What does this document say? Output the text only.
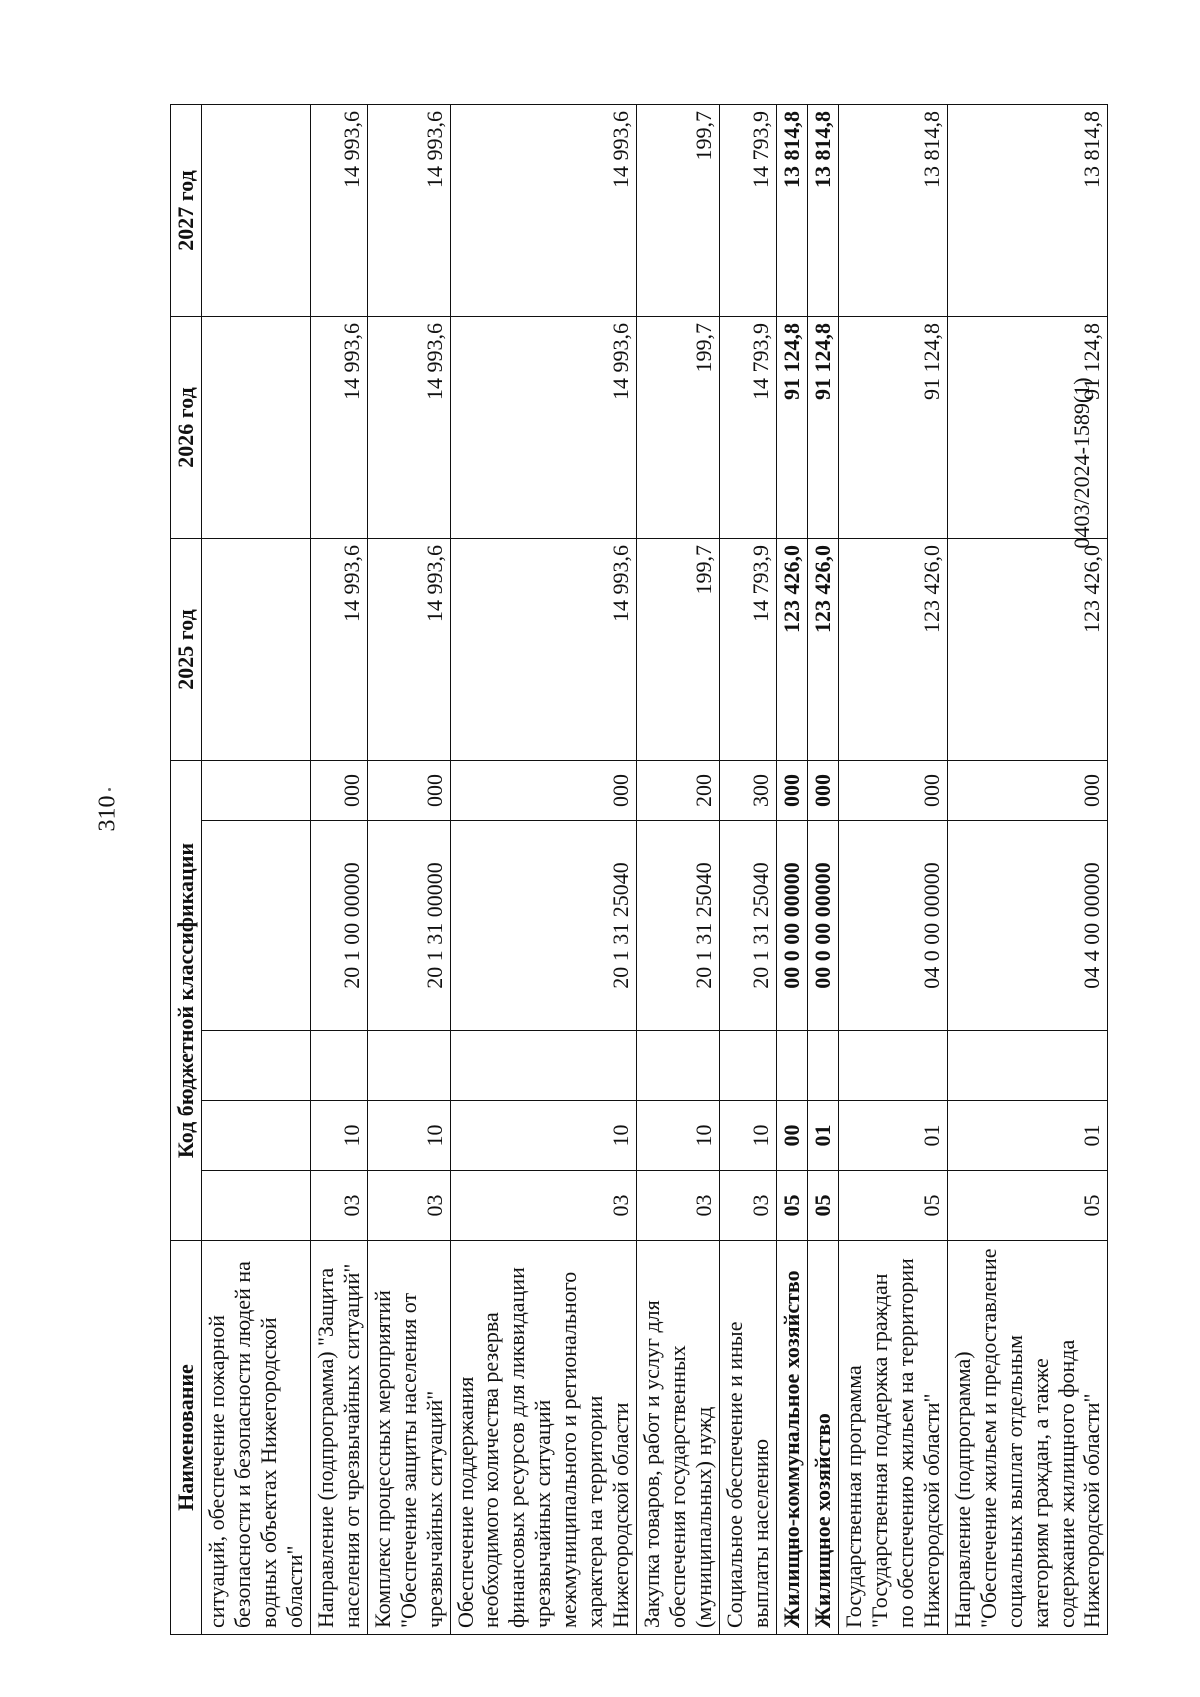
310
0403/2024-1589(1)
Наименование	Код бюджетной классификации					2025 год	2026 год	2027 год
ситуаций, обеспечение пожарной безопасности и безопасности людей на водных объектах Нижегородской области"								
Направление (подпрограмма) "Защита населения от чрезвычайных ситуаций"	03	10		20 1 00 00000	000	14 993,6	14 993,6	14 993,6
Комплекс процессных мероприятий "Обеспечение защиты населения от чрезвычайных ситуаций"	03	10		20 1 31 00000	000	14 993,6	14 993,6	14 993,6
Обеспечение поддержания необходимого количества резерва финансовых ресурсов для ликвидации чрезвычайных ситуаций межмуниципального и регионального характера на территории Нижегородской области	03	10		20 1 31 25040	000	14 993,6	14 993,6	14 993,6
Закупка товаров, работ и услуг для обеспечения государственных (муниципальных) нужд	03	10		20 1 31 25040	200	199,7	199,7	199,7
Социальное обеспечение и иные выплаты населению	03	10		20 1 31 25040	300	14 793,9	14 793,9	14 793,9
Жилищно-коммунальное хозяйство	05	00		00 0 00 00000	000	123 426,0	91 124,8	13 814,8
Жилищное хозяйство	05	01		00 0 00 00000	000	123 426,0	91 124,8	13 814,8
Государственная программа "Государственная поддержка граждан по обеспечению жильем на территории Нижегородской области"	05	01		04 0 00 00000	000	123 426,0	91 124,8	13 814,8
Направление (подпрограмма) "Обеспечение жильем и предоставление социальных выплат отдельным категориям граждан, а также содержание жилищного фонда Нижегородской области"	05	01		04 4 00 00000	000	123 426,0	91 124,8	13 814,8
